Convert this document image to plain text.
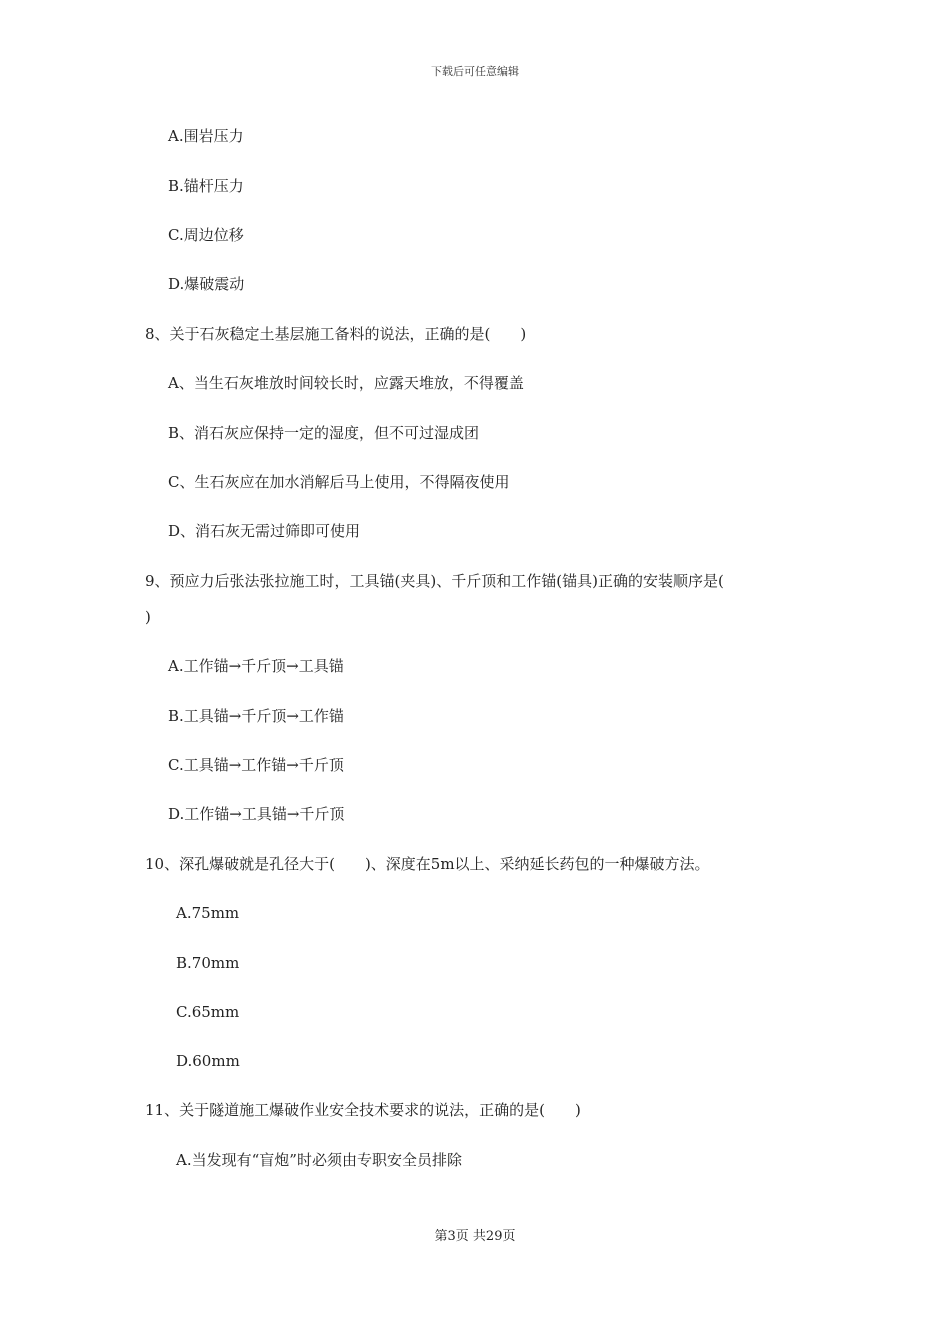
下载后可任意编辑
A.围岩压力
B.锚杆压力
C.周边位移
D.爆破震动
8、关于石灰稳定土基层施工备料的说法，正确的是(　　)
A、当生石灰堆放时间较长时，应露天堆放，不得覆盖
B、消石灰应保持一定的湿度，但不可过湿成团
C、生石灰应在加水消解后马上使用，不得隔夜使用
D、消石灰无需过筛即可使用
9、预应力后张法张拉施工时，工具锚(夹具)、千斤顶和工作锚(锚具)正确的安装顺序是(
)
A.工作锚→千斤顶→工具锚
B.工具锚→千斤顶→工作锚
C.工具锚→工作锚→千斤顶
D.工作锚→工具锚→千斤顶
10、深孔爆破就是孔径大于(　　)、深度在5m以上、采纳延长药包的一种爆破方法。
A.75mm
B.70mm
C.65mm
D.60mm
11、关于隧道施工爆破作业安全技术要求的说法，正确的是(　　)
A.当发现有“盲炮”时必须由专职安全员排除
第3页 共29页
